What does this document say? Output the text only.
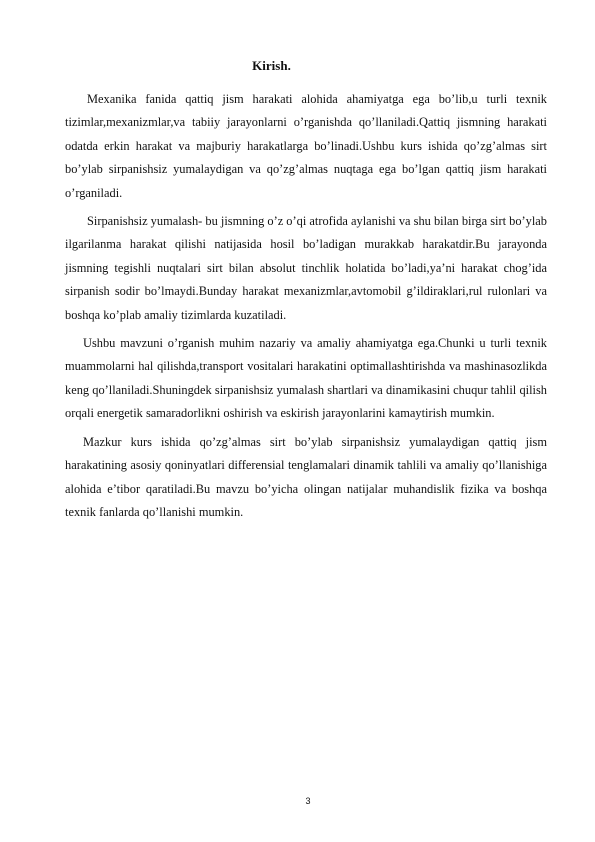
Kirish.

Mexanika fanida qattiq jism harakati alohida ahamiyatga ega bo’lib,u turli texnik tizimlar,mexanizmlar,va tabiiy jarayonlarni o’rganishda qo’llaniladi.Qattiq jismning harakati odatda erkin harakat va majburiy harakatlarga bo’linadi.Ushbu kurs ishida qo’zg’almas sirt bo’ylab sirpanishsiz yumalaydigan va qo’zg’almas nuqtaga ega bo’lgan qattiq jism harakati o’rganiladi.

Sirpanishsiz yumalash- bu jismning o’z o’qi atrofida aylanishi va shu bilan birga sirt bo’ylab ilgarilanma harakat qilishi natijasida hosil bo’ladigan murakkab harakatdir.Bu jarayonda jismning tegishli nuqtalari sirt bilan absolut tinchlik holatida bo’ladi,ya’ni harakat chog’ida sirpanish sodir bo’lmaydi.Bunday harakat mexanizmlar,avtomobil g’ildiraklari,rul rulonlari va boshqa ko’plab amaliy tizimlarda kuzatiladi.

Ushbu mavzuni o’rganish muhim nazariy va amaliy ahamiyatga ega.Chunki u turli texnik muammolarni hal qilishda,transport vositalari harakatini optimallashtirishda va mashinasozlikda keng qo’llaniladi.Shuningdek sirpanishsiz yumalash shartlari va dinamikasini chuqur tahlil qilish orqali energetik samaradorlikni oshirish va eskirish jarayonlarini kamaytirish mumkin.

Mazkur kurs ishida qo’zg’almas sirt bo’ylab sirpanishsiz yumalaydigan qattiq jism harakatining asosiy qoninyatlari differensial tenglamalari dinamik tahlili va amaliy qo’llanishiga alohida e’tibor qaratiladi.Bu mavzu bo’yicha olingan natijalar muhandislik fizika va boshqa texnik fanlarda qo’llanishi mumkin.

3
